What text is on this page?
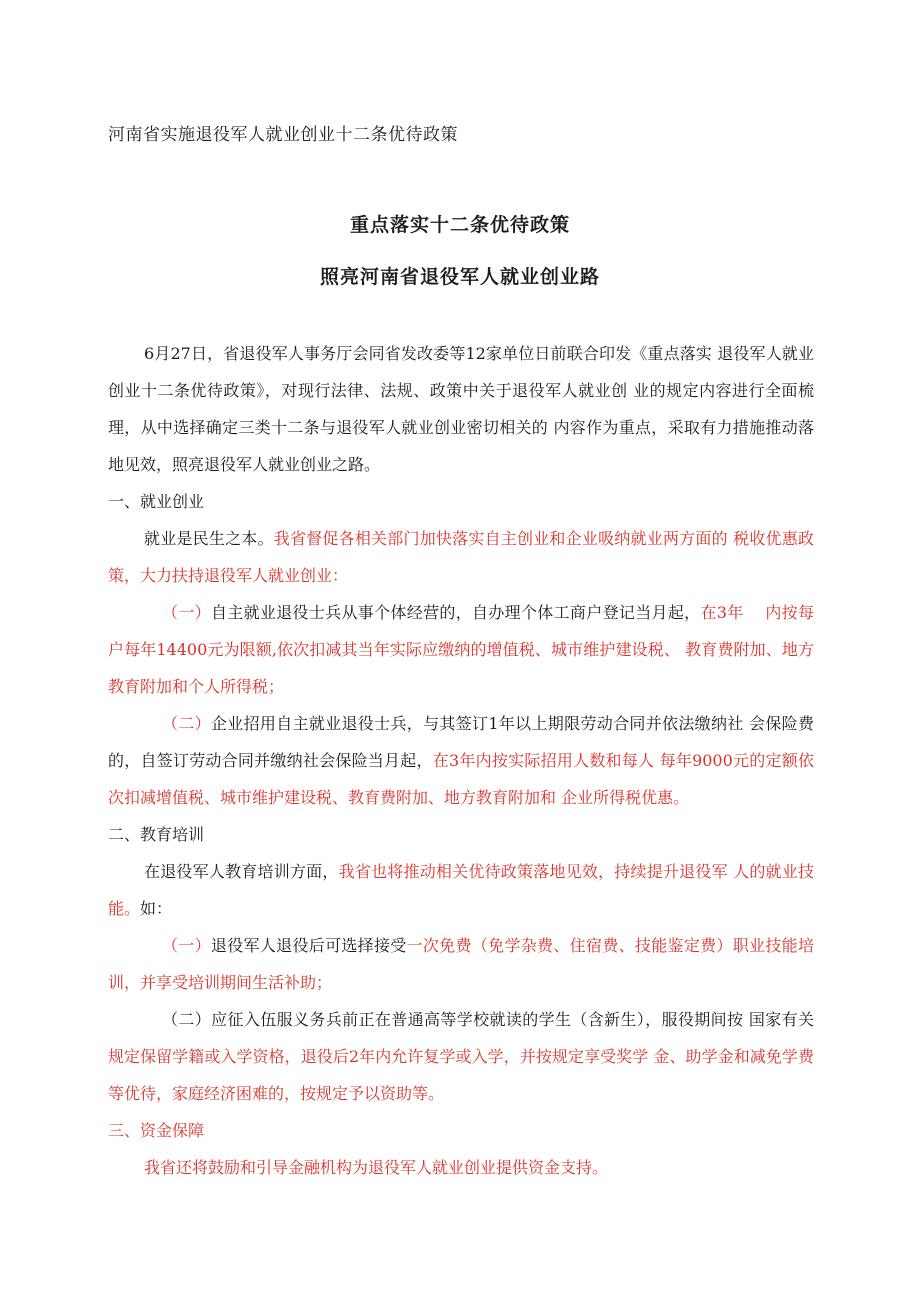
河南省实施退役军人就业创业十二条优待政策
重点落实十二条优待政策
照亮河南省退役军人就业创业路

6月27日，省退役军人事务厅会同省发改委等12家单位日前联合印发《重点落实 退役军人就业创业十二条优待政策》，对现行法律、法规、政策中关于退役军人就业创 业的规定内容进行全面梳理，从中选择确定三类十二条与退役军人就业创业密切相关的 内容作为重点，采取有力措施推动落地见效，照亮退役军人就业创业之路。

一、就业创业

就业是民生之本。我省督促各相关部门加快落实自主创业和企业吸纳就业两方面的 税收优惠政策，大力扶持退役军人就业创业：

（一）自主就业退役士兵从事个体经营的，自办理个体工商户登记当月起，在3年　 内按每户每年14400元为限额,依次扣减其当年实际应缴纳的增值税、城市维护建设税、 教育费附加、地方教育附加和个人所得税；

（二）企业招用自主就业退役士兵，与其签订1年以上期限劳动合同并依法缴纳社 会保险费的，自签订劳动合同并缴纳社会保险当月起，在3年内按实际招用人数和每人 每年9000元的定额依次扣减增值税、城市维护建设税、教育费附加、地方教育附加和 企业所得税优惠。

二、教育培训

在退役军人教育培训方面，我省也将推动相关优待政策落地见效，持续提升退役军 人的就业技能。如：

（一）退役军人退役后可选择接受一次免费（免学杂费、住宿费、技能鉴定费）职业技能培训，并享受培训期间生活补助；

（二）应征入伍服义务兵前正在普通高等学校就读的学生（含新生），服役期间按 国家有关规定保留学籍或入学资格，退役后2年内允许复学或入学，并按规定享受奖学 金、助学金和减免学费等优待，家庭经济困难的，按规定予以资助等。

三、资金保障

我省还将鼓励和引导金融机构为退役军人就业创业提供资金支持。
